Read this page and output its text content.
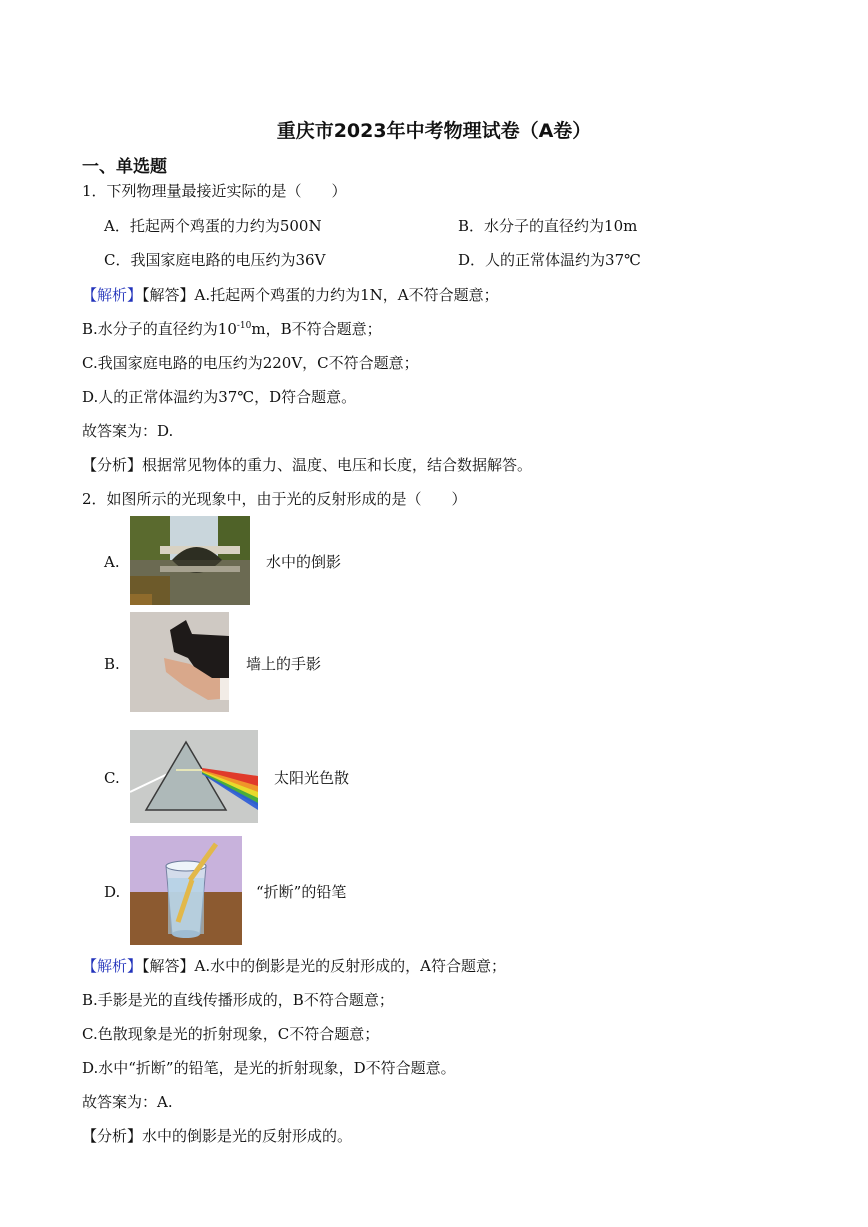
重庆市2023年中考物理试卷（A卷）
一、单选题
1．下列物理量最接近实际的是（　　）
A．托起两个鸡蛋的力约为500N	B．水分子的直径约为10m
C．我国家庭电路的电压约为36V	D．人的正常体温约为37℃
【解析】【解答】A.托起两个鸡蛋的力约为1N，A不符合题意；
B.水分子的直径约为$10^{-10}m$，B不符合题意；
C.我国家庭电路的电压约为220V，C不符合题意；
D.人的正常体温约为37℃，D符合题意。
故答案为：D.
【分析】根据常见物体的重力、温度、电压和长度，结合数据解答。
2．如图所示的光现象中，由于光的反射形成的是（　　）
A.	水中的倒影
B.	墙上的手影
C.	太阳光色散
D.	“折断”的铅笔
【解析】【解答】A.水中的倒影是光的反射形成的，A符合题意；
B.手影是光的直线传播形成的，B不符合题意；
C.色散现象是光的折射现象，C不符合题意；
D.水中“折断”的铅笔，是光的折射现象，D不符合题意。
故答案为：A.
【分析】水中的倒影是光的反射形成的。
